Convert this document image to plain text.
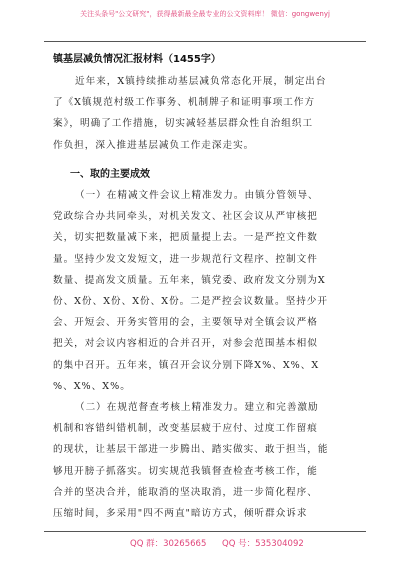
关注头条号"公文研究"，获得最新最全最专业的公文资料库！ 微信：gongwenyj
镇基层减负情况汇报材料（1455字）
近年来，X镇持续推动基层减负常态化开展，制定出台
了《X镇规范村级工作事务、机制牌子和证明事项工作方
案》，明确了工作措施，切实减轻基层群众性自治组织工
作负担，深入推进基层减负工作走深走实。
一、取的主要成效
（一）在精减文件会议上精准发力。由镇分管领导、
党政综合办共同牵头，对机关发文、社区会议从严审核把
关，切实把数量减下来，把质量提上去。一是严控文件数
量。坚持少发文发短文，进一步规范行文程序、控制文件
数量、提高发文质量。五年来，镇党委、政府发文分别为X
份、X份、X份、X份、X份。二是严控会议数量。坚持少开
会、开短会、开务实管用的会，主要领导对全镇会议严格
把关，对会议内容相近的合并召开，对参会范围基本相似
的集中召开。五年来，镇召开会议分别下降X%、X%、X
%、X%、X%。
（二）在规范督查考核上精准发力。建立和完善激励
机制和容错纠错机制，改变基层疲于应付、过度工作留痕
的现状，让基层干部进一步腾出、踏实做实、敢于担当，能
够甩开膀子抓落实。切实规范我镇督查检查考核工作，能
合并的坚决合并，能取消的坚决取消，进一步简化程序、
压缩时间，多采用"四不两直"暗访方式，倾听群众诉求
QQ 群：30265665 QQ 号：535304092
